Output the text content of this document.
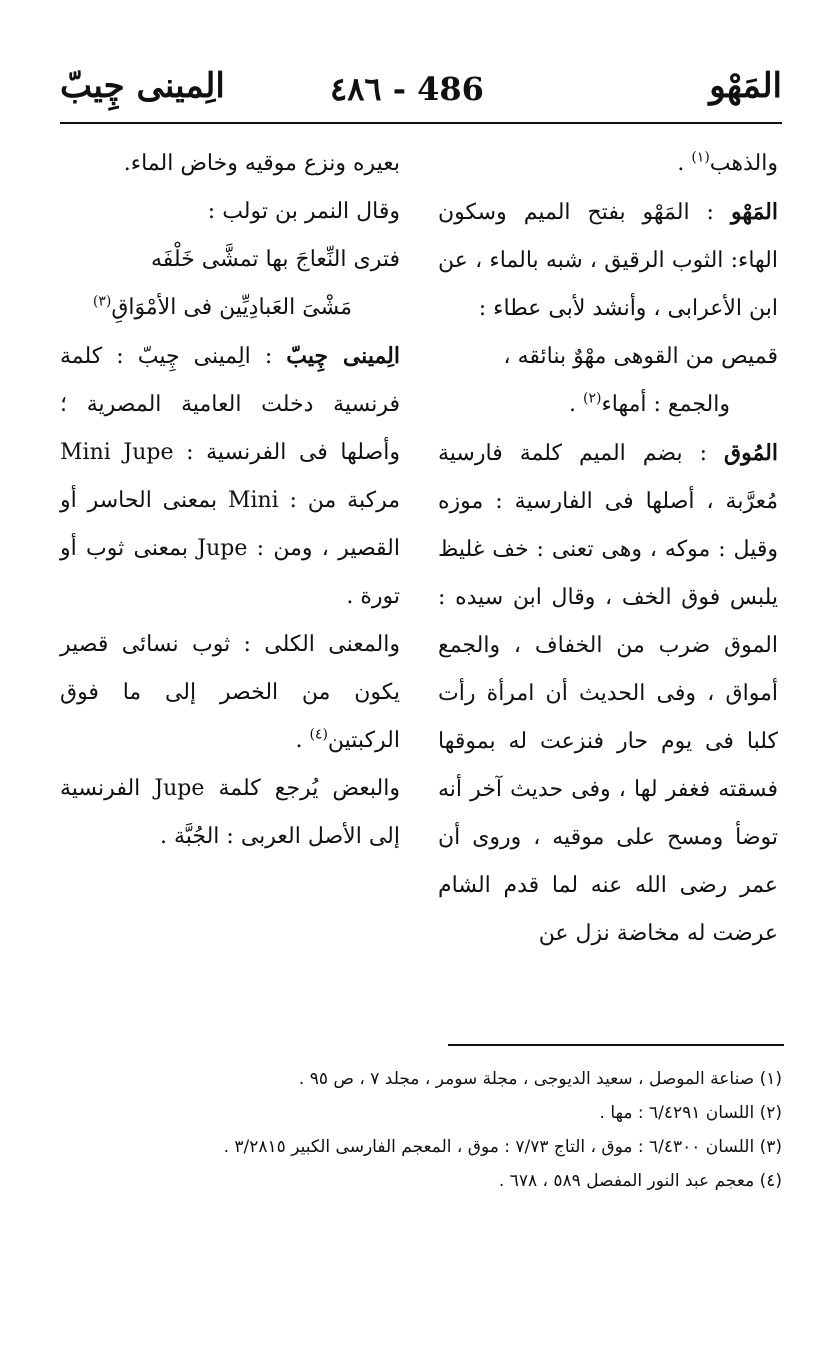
المَهْو
٤٨٦ - 486
الِمينى چِيبّ

والذهب$^{(١)}$ .

المَهْو : المَهْو بفتح الميم وسكون الهاء: الثوب الرقيق ، شبه بالماء ، عن ابن الأعرابى ، وأنشد لأبى عطاء :

قميص من القوهى مهْوٌ بنائقه ،

والجمع : أمهاء$^{(٢)}$ .

المُوق : بضم الميم كلمة فارسية مُعرَّبة ، أصلها فى الفارسية : موزه وقيل : موكه ، وهى تعنى : خف غليظ يلبس فوق الخف ، وقال ابن سيده : الموق ضرب من الخفاف ، والجمع أمواق ، وفى الحديث أن امرأة رأت كلبا فى يوم حار فنزعت له بموقها فسقته فغفر لها ، وفى حديث آخر أنه توضأ ومسح على موقيه ، وروى أن عمر رضى الله عنه لما قدم الشام عرضت له مخاضة نزل عن

بعيره ونزع موقيه وخاض الماء.

وقال النمر بن تولب :

فترى النِّعاجَ بها تمشَّى خَلْفَه

مَشْىَ العَبادِيِّين فى الأمْوَاقِ$^{(٣)}$

الِمينى چِيبّ : الِمينى چِيبّ : كلمة فرنسية دخلت العامية المصرية ؛ وأصلها فى الفرنسية : Mini Jupe مركبة من : Mini بمعنى الحاسر أو القصير ، ومن : Jupe بمعنى ثوب أو تورة .

والمعنى الكلى : ثوب نسائى قصير يكون من الخصر إلى ما فوق الركبتين$^{(٤)}$ .

والبعض يُرجع كلمة Jupe الفرنسية إلى الأصل العربى : الجُبَّة .

(١) صناعة الموصل ، سعيد الديوجى ، مجلة سومر ، مجلد ٧ ، ص ٩٥ .
(٢) اللسان ٦/٤٢٩١ : مها .
(٣) اللسان ٦/٤٣٠٠ : موق ، التاج ٧/٧٣ : موق ، المعجم الفارسى الكبير ٣/٢٨١٥ .
(٤) معجم عبد النور المفصل ٥٨٩ ، ٦٧٨ .
